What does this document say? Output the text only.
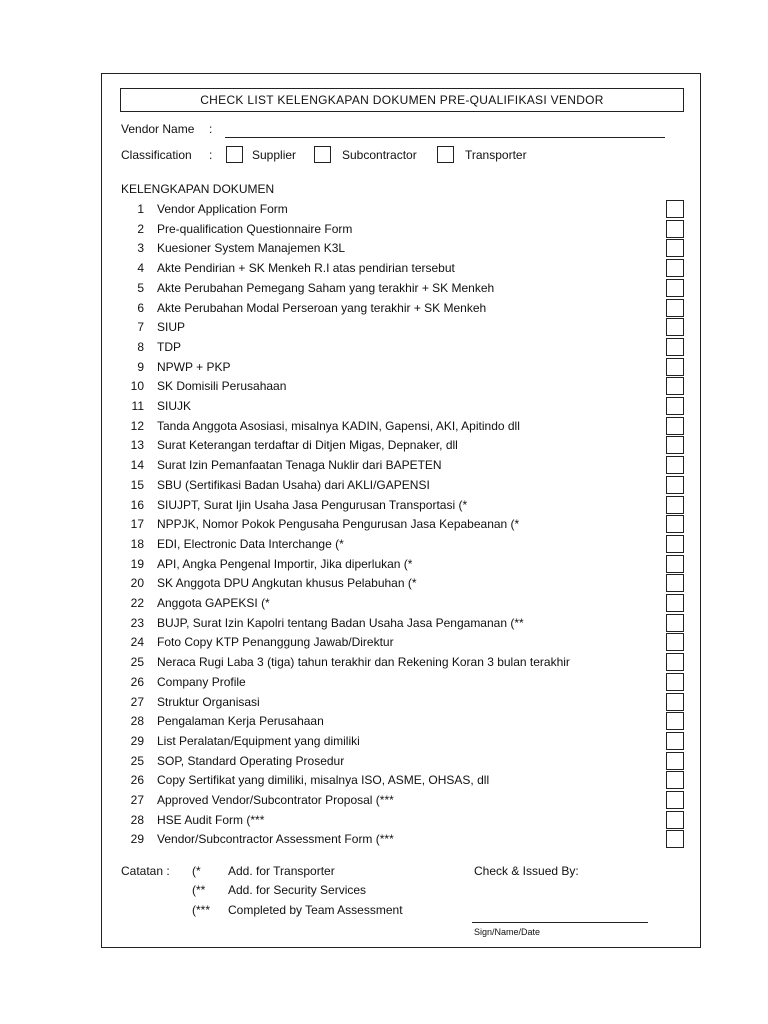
CHECK LIST KELENGKAPAN DOKUMEN PRE-QUALIFIKASI VENDOR
Vendor Name :
Classification :	Supplier	Subcontractor	Transporter
KELENGKAPAN DOKUMEN
1 Vendor Application Form
2 Pre-qualification Questionnaire Form
3 Kuesioner System Manajemen K3L
4 Akte Pendirian + SK Menkeh R.I atas pendirian tersebut
5 Akte Perubahan Pemegang Saham yang terakhir + SK Menkeh
6 Akte Perubahan Modal Perseroan yang terakhir + SK Menkeh
7 SIUP
8 TDP
9 NPWP + PKP
10 SK Domisili Perusahaan
11 SIUJK
12 Tanda Anggota Asosiasi, misalnya KADIN, Gapensi, AKI, Apitindo dll
13 Surat Keterangan terdaftar di Ditjen Migas, Depnaker, dll
14 Surat Izin Pemanfaatan Tenaga Nuklir dari BAPETEN
15 SBU (Sertifikasi Badan Usaha) dari AKLI/GAPENSI
16 SIUJPT, Surat Ijin Usaha Jasa Pengurusan Transportasi (*
17 NPPJK, Nomor Pokok Pengusaha Pengurusan Jasa Kepabeanan (*
18 EDI, Electronic Data Interchange (*
19 API, Angka Pengenal Importir, Jika diperlukan (*
20 SK Anggota DPU Angkutan khusus Pelabuhan (*
22 Anggota GAPEKSI (*
23 BUJP, Surat Izin Kapolri tentang Badan Usaha Jasa Pengamanan (**
24 Foto Copy KTP Penanggung Jawab/Direktur
25 Neraca Rugi Laba 3 (tiga) tahun terakhir dan Rekening Koran 3 bulan terakhir
26 Company Profile
27 Struktur Organisasi
28 Pengalaman Kerja Perusahaan
29 List Peralatan/Equipment yang dimiliki
25 SOP, Standard Operating Prosedur
26 Copy Sertifikat yang dimiliki, misalnya ISO, ASME, OHSAS, dll
27 Approved Vendor/Subcontrator Proposal (***
28 HSE Audit Form (***
29 Vendor/Subcontractor Assessment Form (***
Catatan : (* Add. for Transporter
(** Add. for Security Services
(*** Completed by Team Assessment
Check & Issued By:
Sign/Name/Date
